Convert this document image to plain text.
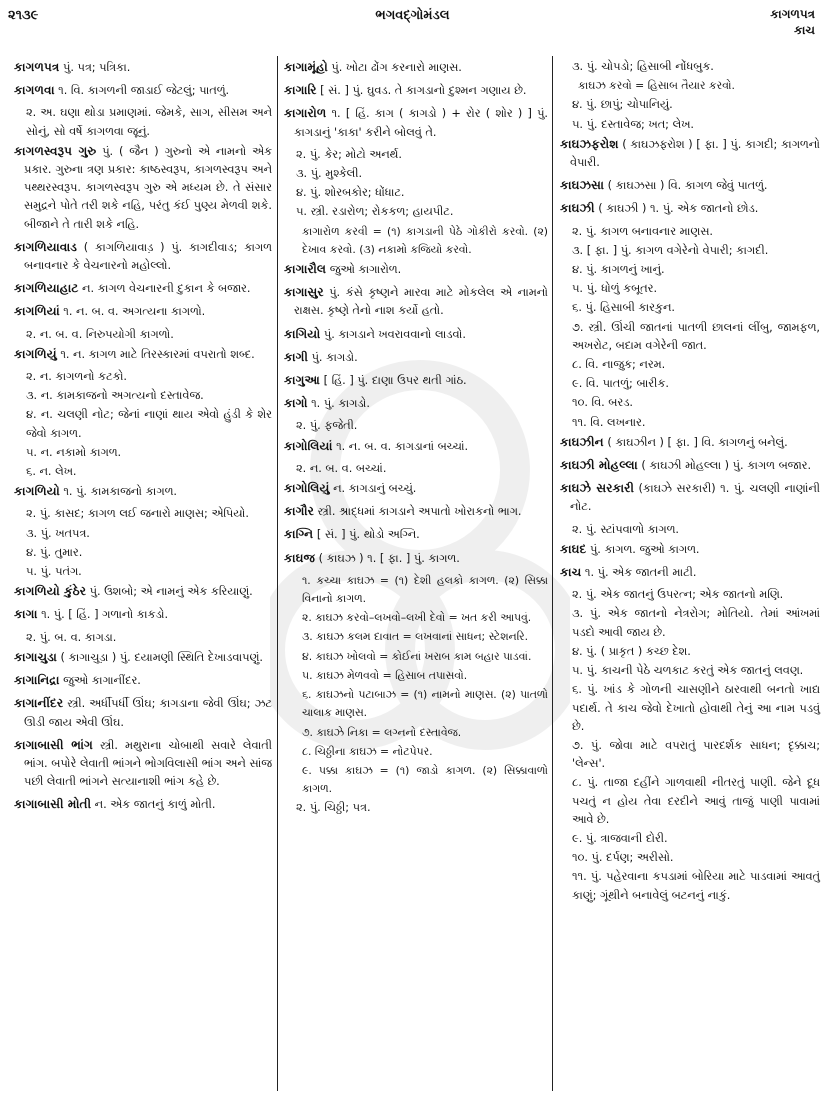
૨૧૩૯	ભગવદ્ગોમંડલ	કાગળપત્ર
કાચ
કાગળપત્ર પું. પત્ર; પત્રિકા.
કાગળવા ૧. વિ. કાગળની જાડાઈ જેટલું; પાતળું.
૨. અ. ઘણા થોડા પ્રમાણમાં. જેમકે, સાગ, સીસમ અને સોનું, સો વર્ષે કાગળવા જૂનું.
કાગળસ્વરૂપ ગુરુ પું. ( જૈન ) ગુરુનો એ નામનો એક પ્રકાર. ગુરુના ત્રણ પ્રકાર: કાષ્ઠસ્વરૂપ, કાગળસ્વરૂપ અને પથ્થરસ્વરૂપ. કાગળસ્વરૂપ ગુરુ એ મધ્યમ છે. તે સંસાર સમુદ્રને પોતે તરી શકે નહિ, પરંતુ કંઈ પુણ્ય મેળવી શકે. બીજાને તે તારી શકે નહિ.
કાગળિયાવાડ ( કાગળિયાવાડ઼ ) પું. કાગદીવાડ; કાગળ બનાવનાર કે વેચનારનો મહોલ્લો.
કાગળિયાહાટ ન. કાગળ વેચનારની દુકાન કે બજાર.
કાગળિયાં ૧. ન. બ. વ. અગત્યના કાગળો.
૨. ન. બ. વ. નિરુપયોગી કાગળો.
કાગળિયું ૧. ન. કાગળ માટે તિરસ્કારમાં વપરાતો શબ્દ.
૨. ન. કાગળનો કટકો.
૩. ન. કામકાજનો અગત્યનો દસ્તાવેજ.
૪. ન. ચલણી નોટ; જેનાં નાણાં થાય એવો હુંડી કે શેર જેવો કાગળ.
૫. ન. નકામો કાગળ.
૬. ન. લેખ.
કાગળિયો ૧. પું. કામકાજનો કાગળ.
૨. પું. કાસદ; કાગળ લઈ જનારો માણસ; એપિયો.
૩. પું. ખતપત્ર.
૪. પું. તુમાર.
૫. પું. પતંગ.
કાગળિયો કુંઠેર પું. ઉશબો; એ નામનું એક કરિયાણું.
કાગા ૧. પું. [ હિં. ] ગળાનો કાકડો.
૨. પું. બ. વ. કાગડા.
કાગાચુડા ( કાગાચુડ઼ા ) પું. દયામણી સ્થિતિ દેખાડવાપણું.
કાગાનિદ્રા જુઓ કાગાનીંદર.
કાગાનીંદર સ્ત્રી. અર્ધીપર્ધી ઊંઘ; કાગડાના જેવી ઊંઘ; ઝટ ઊડી જાય એવી ઊંઘ.
કાગાબાસી ભાંગ સ્ત્રી. મથુરાના ચોબાથી સવારે લેવાતી ભાંગ. બપોરે લેવાતી ભાંગને ભોગવિલાસી ભાંગ અને સાંજ પછી લેવાતી ભાંગને સત્યાનાશી ભાંગ કહે છે.
કાગાબાસી મોતી ન. એક જાતનું કાળું મોતી.
કાગામૂંહો પું. ખોટા ઢોંગ કરનારો માણસ.
કાગારિ [ સં. ] પું. ઘુવડ. તે કાગડાનો દુશ્મન ગણાય છે.
કાગારોળ ૧. [ હિં. કાગ ( કાગડો ) + રોર ( શોર ) ] પું. કાગડાનું 'કાકા' કરીને બોલવું તે.
૨. પું. કેર; મોટો અનર્થ.
૩. પું. મુશ્કેલી.
૪. પું. શોરબકોર; ધોંધાટ.
૫. સ્ત્રી. રડારોળ; રોકકળ; હાયપીટ.
કાગારોળ કરવી = (૧) કાગડાની પેઠે ગોકીરો કરવો. (૨) દેખાવ કરવો. (૩) નકામો કજિયો કરવો.
કાગારૌલ જુઓ કાગારોળ.
કાગાસુર પું. કંસે કૃષ્ણને મારવા માટે મોકલેલ એ નામનો રાક્ષસ. કૃષ્ણે તેનો નાશ કર્યો હતો.
કાગિયો પું. કાગડાને ખવરાવવાનો લાડવો.
કાગી પું. કાગડો.
કાગુઆ [ હિં. ] પું. દાણા ઉપર થતી ગાંઠ.
કાગો ૧. પું. કાગડો.
૨. પું. ફજેતી.
કાગોલિયાં ૧. ન. બ. વ. કાગડાનાં બચ્ચાં.
૨. ન. બ. વ. બચ્ચાં.
કાગોલિયું ન. કાગડાનું બચ્ચું.
કાગૌર સ્ત્રી. શ્રાદ્ધમાં કાગડાને અપાતો ખોરાકનો ભાગ.
કાગ્નિ [ સં. ] પું. થોડો અગ્નિ.
કાઘજ ( કાઘઝ ) ૧. [ ફા. ] પું. કાગળ.
૧. કચ્ચા કાઘઝ = (૧) દેશી હલકો કાગળ. (૨) સિક્કા વિનાનો કાગળ.
૨. કાઘઝ કરવો–લખવો–લખી દેવો = ખત કરી આપવું.
૩. કાઘઝ કલમ દાવાત = લખવાનાં સાધન; સ્ટેશનરિ.
૪. કાઘઝ ખોલવો = કોઈનાં ખરાબ કામ બહાર પાડવાં.
૫. કાઘઝ મેળવવો = હિસાબ તપાસવો.
૬. કાઘઝનો પટાબાઝ = (૧) નામનો માણસ. (૨) પાતળો ચાલાક માણસ.
૭. કાઘઝે નિકા = લગ્નનો દસ્તાવેજ.
૮. ચિઠ્ઠીના કાઘઝ = નોટપેપર.
૯. પક્કા કાઘઝ = (૧) જાડો કાગળ. (૨) સિક્કાવાળો કાગળ.
૨. પું. ચિઠ્ઠી; પત્ર.
૩. પું. ચોપડો; હિસાબી નોંધબુક.
કાઘઝ કરવો = હિસાબ તૈયાર કરવો.
૪. પું. છાપું; ચોપાનિયું.
૫. પું. દસ્તાવેજ; ખત; લેખ.
કાઘઝફરોશ ( કાઘઝફરોશ ) [ ફા. ] પું. કાગદી; કાગળનો વેપારી.
કાઘઝસા ( કાઘઝસા ) વિ. કાગળ જેવું પાતળું.
કાઘઝી ( કાઘઝી ) ૧. પું. એક જાતનો છોડ.
૨. પું. કાગળ બનાવનાર માણસ.
૩. [ ફા. ] પું. કાગળ વગેરેનો વેપારી; કાગદી.
૪. પું. કાગળનું ખાનું.
૫. પું. ધોળું કબૂતર.
૬. પું. હિસાબી કારકુન.
૭. સ્ત્રી. ઊંચી જાતનાં પાતળી છાલનાં લીંબુ, જામફળ, અખરોટ, બદામ વગેરેની જાત.
૮. વિ. નાજુક; નરમ.
૯. વિ. પાતળું; બારીક.
૧૦. વિ. બરડ.
૧૧. વિ. લખનાર.
કાઘઝીન ( કાઘઝીન ) [ ફા. ] વિ. કાગળનું બનેલું.
કાઘઝી મોહલ્લા ( કાઘઝી મોહલ્લા ) પું. કાગળ બજાર.
કાઘઝે સરકારી (કાઘઝે સરકારી) ૧. પું. ચલણી નાણાંની નોટ.
૨. પું. સ્ટાંપવાળો કાગળ.
કાઘદ પું. કાગળ. જુઓ કાગળ.
કાચ ૧. પું. એક જાતની માટી.
૨. પું. એક જાતનું ઉપરત્ન; એક જાતનો મણિ.
૩. પું. એક જાતનો નેત્રરોગ; મોતિયો. તેમાં આંખમાં પડદો આવી જાય છે.
૪. પું. ( પ્રાકૃત ) કચ્છ દેશ.
૫. પું. કાચની પેઠે ચળકાટ કરતું એક જાતનું લવણ.
૬. પું. ખાંડ કે ગોળની ચાસણીને ઠારવાથી બનતો ખાદ્ય પદાર્થ. તે કાચ જેવો દેખાતો હોવાથી તેનું આ નામ પડવું છે.
૭. પું. જોવા માટે વપરાતું પારદર્શક સાધન; દૃક્કાચ; 'લેન્સ'.
૮. પું. તાજા દહીંને ગાળવાથી નીતરતું પાણી. જેને દૂધ પચતું ન હોય તેવા દરદીને આવું તાજું પાણી પાવામાં આવે છે.
૯. પું. ત્રાજવાની દોરી.
૧૦. પું. દર્પણ; અરીસો.
૧૧. પું. પહેરવાના કપડામાં બોરિયા માટે પાડવામાં આવતું કાણું; ગૂંથીને બનાવેલું બટનનું નાકું.
